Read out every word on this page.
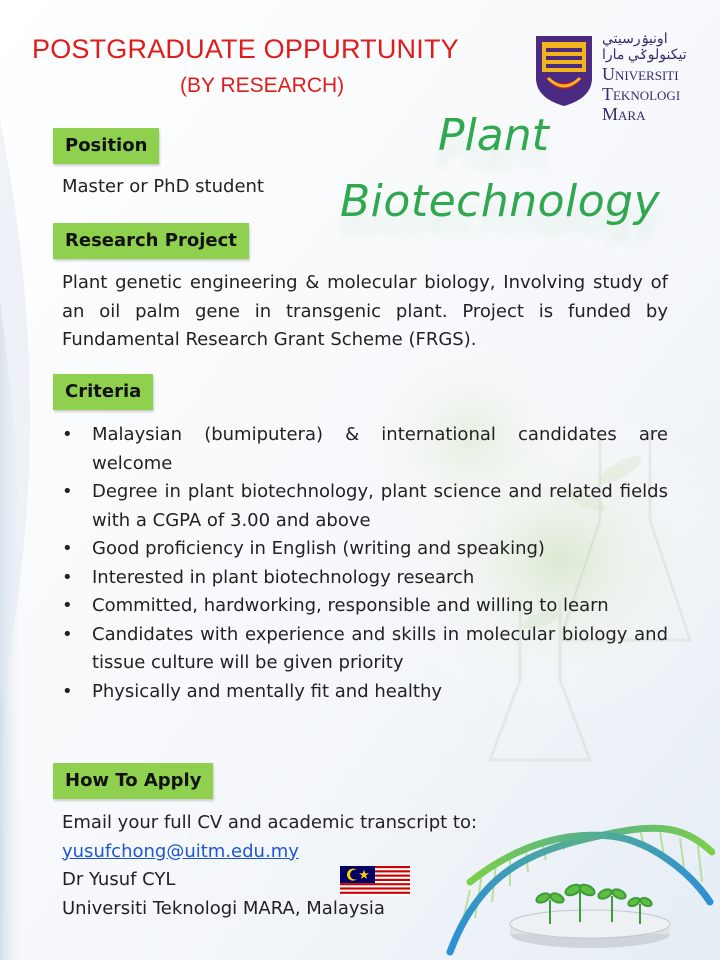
POSTGRADUATE OPPURTUNITY
(BY RESEARCH)
اونيۏرسيتي تيكنولوݢي مارا
Universiti
Teknologi
Mara
Plant
Biotechnology
Position
Master or PhD student
Research Project
Plant genetic engineering & molecular biology, Involving study of an oil palm gene in transgenic plant. Project is funded by Fundamental Research Grant Scheme (FRGS).
Criteria
• Malaysian (bumiputera) & international candidates are welcome
• Degree in plant biotechnology, plant science and related fields with a CGPA of 3.00 and above
• Good proficiency in English (writing and speaking)
• Interested in plant biotechnology research
• Committed, hardworking, responsible and willing to learn
• Candidates with experience and skills in molecular biology and tissue culture will be given priority
• Physically and mentally fit and healthy
How To Apply
Email your full CV and academic transcript to:
yusufchong@uitm.edu.my
Dr Yusuf CYL
Universiti Teknologi MARA, Malaysia
